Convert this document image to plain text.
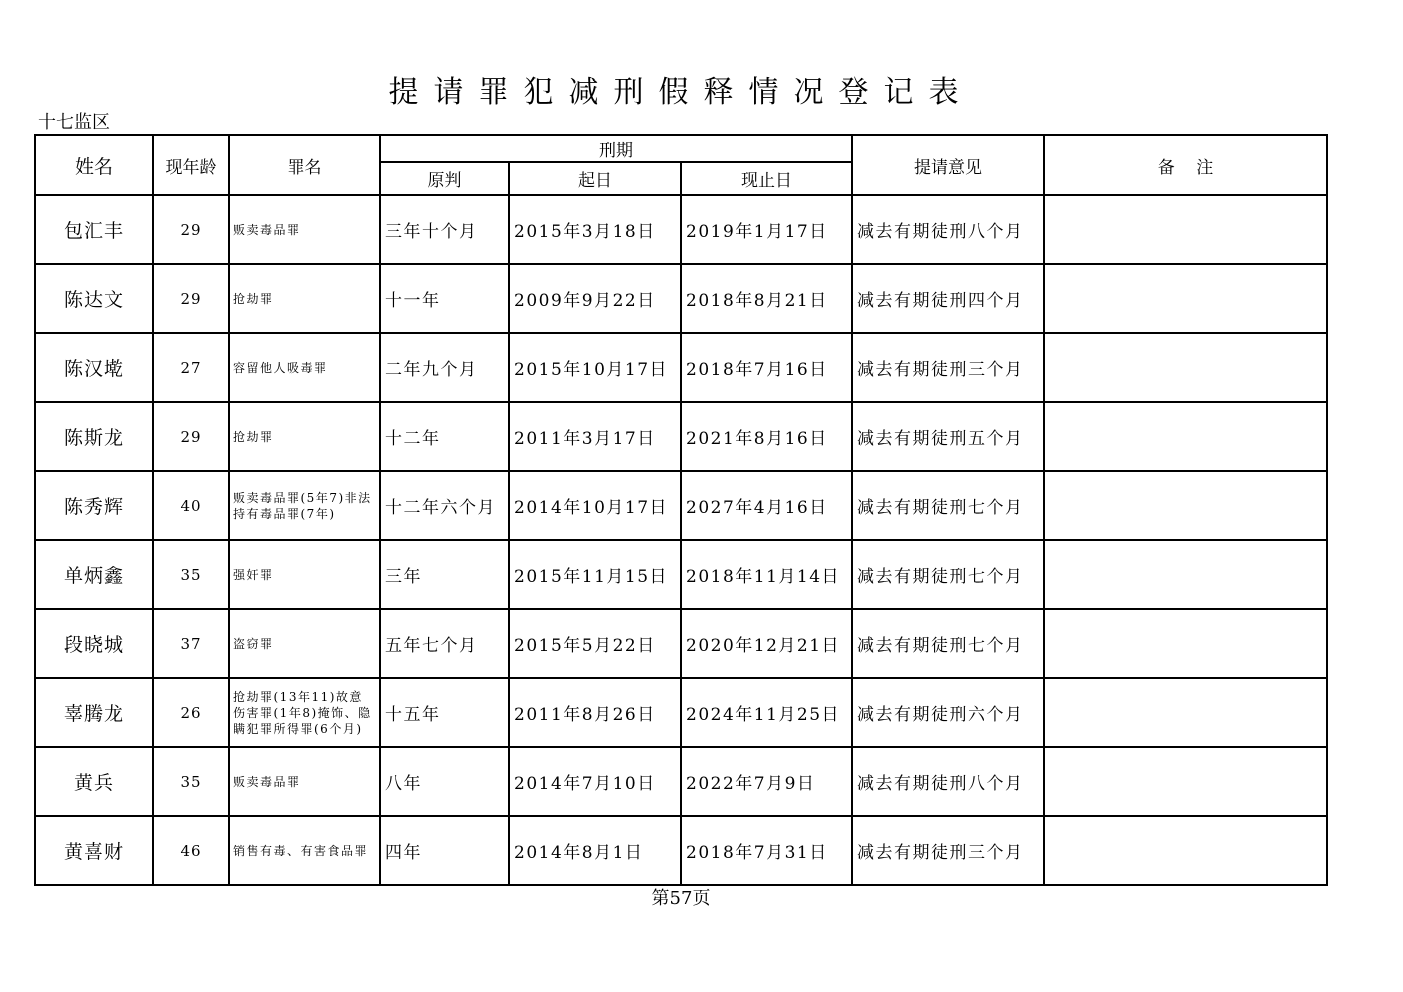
提请罪犯减刑假释情况登记表
十七监区
姓名	现年龄	罪名	刑期			提请意见	备    注
			原判	起日	现止日		
包汇丰	29	贩卖毒品罪	三年十个月	2015年3月18日	2019年1月17日	减去有期徒刑八个月	
陈达文	29	抢劫罪	十一年	2009年9月22日	2018年8月21日	减去有期徒刑四个月	
陈汉墘	27	容留他人吸毒罪	二年九个月	2015年10月17日	2018年7月16日	减去有期徒刑三个月	
陈斯龙	29	抢劫罪	十二年	2011年3月17日	2021年8月16日	减去有期徒刑五个月	
陈秀辉	40	贩卖毒品罪(5年7)非法持有毒品罪(7年)	十二年六个月	2014年10月17日	2027年4月16日	减去有期徒刑七个月	
单炳鑫	35	强奸罪	三年	2015年11月15日	2018年11月14日	减去有期徒刑七个月	
段晓城	37	盗窃罪	五年七个月	2015年5月22日	2020年12月21日	减去有期徒刑七个月	
辜腾龙	26	抢劫罪(13年11)故意伤害罪(1年8)掩饰、隐瞒犯罪所得罪(6个月)	十五年	2011年8月26日	2024年11月25日	减去有期徒刑六个月	
黄兵	35	贩卖毒品罪	八年	2014年7月10日	2022年7月9日	减去有期徒刑八个月	
黄喜财	46	销售有毒、有害食品罪	四年	2014年8月1日	2018年7月31日	减去有期徒刑三个月	
第57页
